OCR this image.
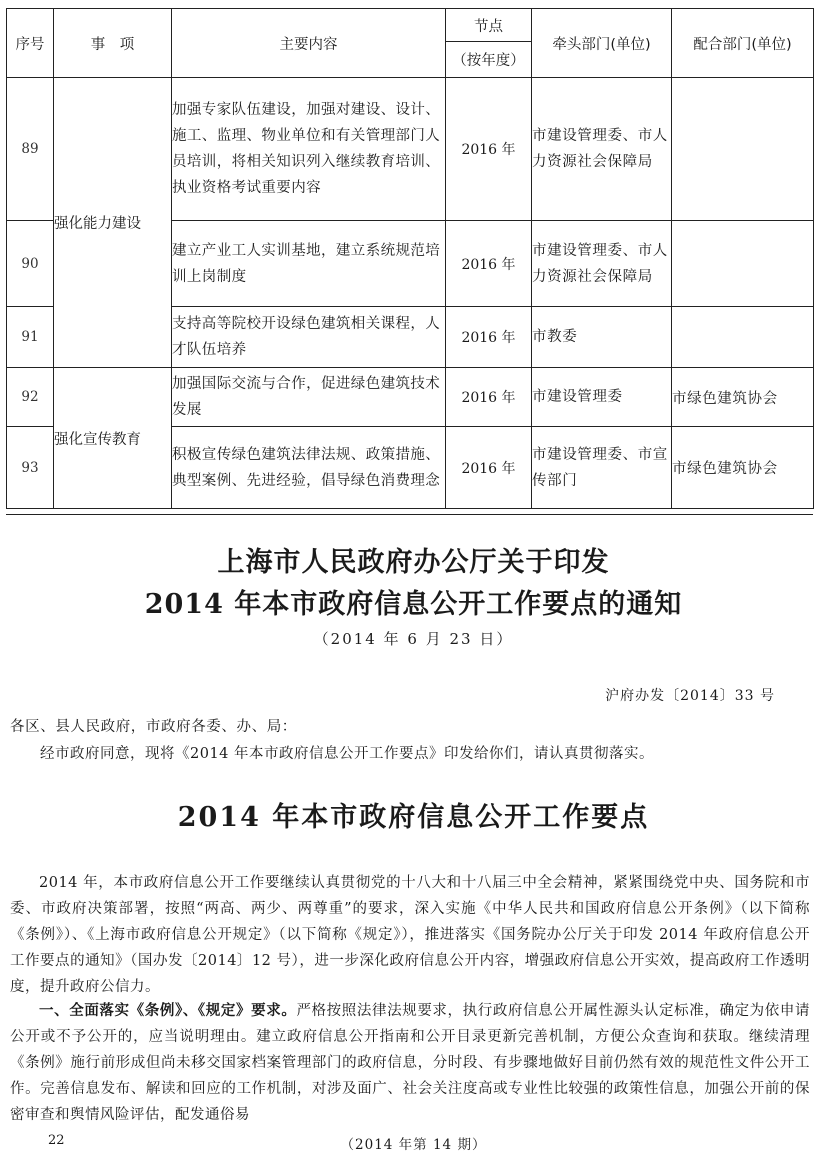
序号	事　项	主要内容	节点	牵头部门(单位)	配合部门(单位)
			（按年度）		
89	强化能力建设	加强专家队伍建设，加强对建设、设计、施工、监理、物业单位和有关管理部门人员培训，将相关知识列入继续教育培训、执业资格考试重要内容	2016 年	市建设管理委、市人力资源社会保障局	
90		建立产业工人实训基地，建立系统规范培训上岗制度	2016 年	市建设管理委、市人力资源社会保障局	
91		支持高等院校开设绿色建筑相关课程，人才队伍培养	2016 年	市教委	
92	强化宣传教育	加强国际交流与合作，促进绿色建筑技术发展	2016 年	市建设管理委	市绿色建筑协会
93		积极宣传绿色建筑法律法规、政策措施、典型案例、先进经验，倡导绿色消费理念	2016 年	市建设管理委、市宣传部门	市绿色建筑协会
上海市人民政府办公厅关于印发
2014 年本市政府信息公开工作要点的通知
（2014 年 6 月 23 日）
沪府办发〔2014〕33 号
各区、县人民政府，市政府各委、办、局：
经市政府同意，现将《2014 年本市政府信息公开工作要点》印发给你们，请认真贯彻落实。
2014 年本市政府信息公开工作要点

2014 年，本市政府信息公开工作要继续认真贯彻党的十八大和十八届三中全会精神，紧紧围绕党中央、国务院和市委、市政府决策部署，按照“两高、两少、两尊重”的要求，深入实施《中华人民共和国政府信息公开条例》（以下简称《条例》）、《上海市政府信息公开规定》（以下简称《规定》），推进落实《国务院办公厅关于印发 2014 年政府信息公开工作要点的通知》（国办发〔2014〕12 号），进一步深化政府信息公开内容，增强政府信息公开实效，提高政府工作透明度，提升政府公信力。

一、全面落实《条例》、《规定》要求。严格按照法律法规要求，执行政府信息公开属性源头认定标准，确定为依申请公开或不予公开的，应当说明理由。建立政府信息公开指南和公开目录更新完善机制，方便公众查询和获取。继续清理《条例》施行前形成但尚未移交国家档案管理部门的政府信息，分时段、有步骤地做好目前仍然有效的规范性文件公开工作。完善信息发布、解读和回应的工作机制，对涉及面广、社会关注度高或专业性比较强的政策性信息，加强公开前的保密审查和舆情风险评估，配发通俗易

22	（2014 年第 14 期）
